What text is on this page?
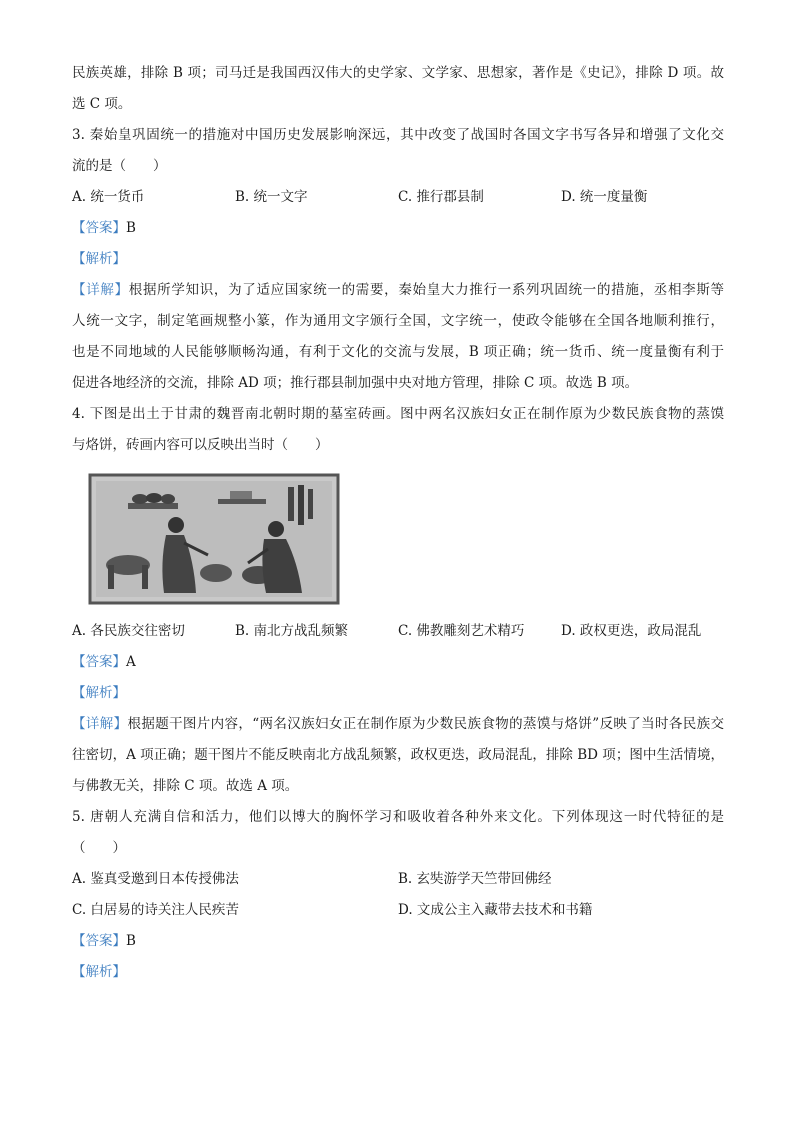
民族英雄，排除 B 项；司马迁是我国西汉伟大的史学家、文学家、思想家，著作是《史记》，排除 D 项。故
选 C 项。
3. 秦始皇巩固统一的措施对中国历史发展影响深远，其中改变了战国时各国文字书写各异和增强了文化交
流的是（　　）
A. 统一货币	B. 统一文字	C. 推行郡县制	D. 统一度量衡
【答案】B
【解析】
【详解】根据所学知识，为了适应国家统一的需要，秦始皇大力推行一系列巩固统一的措施，丞相李斯等
人统一文字，制定笔画规整小篆，作为通用文字颁行全国，文字统一，使政令能够在全国各地顺利推行，
也是不同地域的人民能够顺畅沟通，有利于文化的交流与发展，B 项正确；统一货币、统一度量衡有利于
促进各地经济的交流，排除 AD 项；推行郡县制加强中央对地方管理，排除 C 项。故选 B 项。
4. 下图是出土于甘肃的魏晋南北朝时期的墓室砖画。图中两名汉族妇女正在制作原为少数民族食物的蒸馍
与烙饼，砖画内容可以反映出当时（　　）
A. 各民族交往密切	B. 南北方战乱频繁	C. 佛教雕刻艺术精巧	D. 政权更迭，政局混乱
【答案】A
【解析】
【详解】根据题干图片内容，“两名汉族妇女正在制作原为少数民族食物的蒸馍与烙饼”反映了当时各民族交
往密切，A 项正确；题干图片不能反映南北方战乱频繁，政权更迭，政局混乱，排除 BD 项；图中生活情境，
与佛教无关，排除 C 项。故选 A 项。
5. 唐朝人充满自信和活力，他们以博大的胸怀学习和吸收着各种外来文化。下列体现这一时代特征的是
（　　）
A. 鉴真受邀到日本传授佛法	B. 玄奘游学天竺带回佛经
C. 白居易的诗关注人民疾苦	D. 文成公主入藏带去技术和书籍
【答案】B
【解析】
